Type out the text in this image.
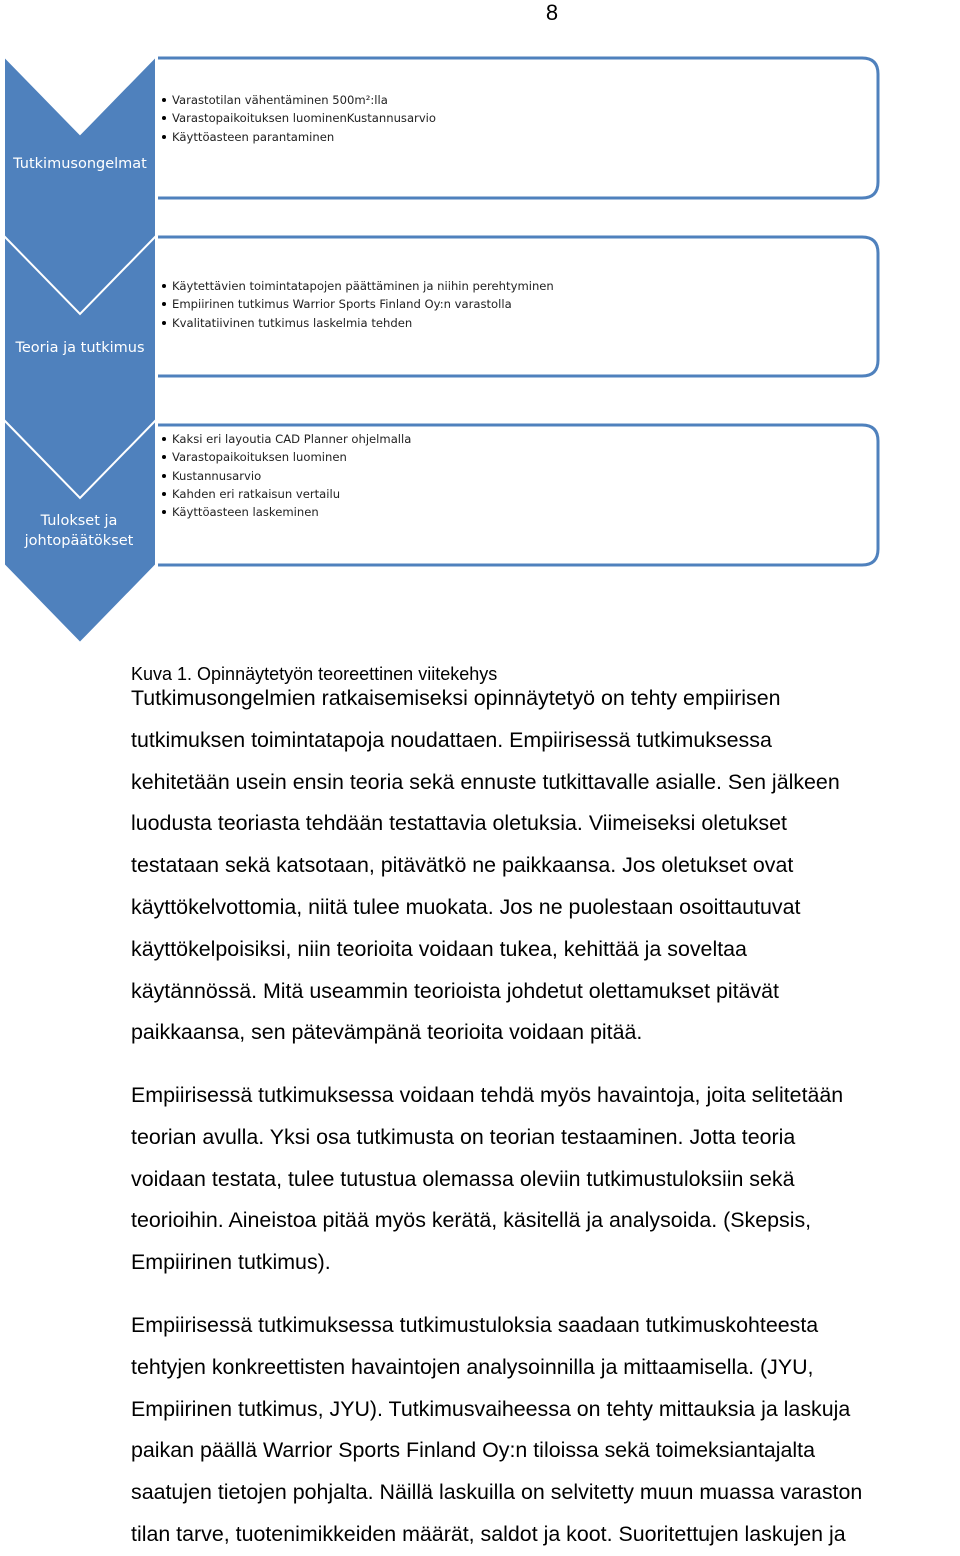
8
Tutkimusongelmat
Teoria ja tutkimus
Tulokset ja johtopäätökset
Varastotilan vähentäminen 500m²:lla
Varastopaikoituksen luominenKustannusarvio
Käyttöasteen parantaminen
Käytettävien toimintatapojen päättäminen ja niihin perehtyminen
Empiirinen tutkimus Warrior Sports Finland Oy:n varastolla
Kvalitatiivinen tutkimus laskelmia tehden
Kaksi eri layoutia CAD Planner ohjelmalla
Varastopaikoituksen luominen
Kustannusarvio
Kahden eri ratkaisun vertailu
Käyttöasteen laskeminen
Kuva 1. Opinnäytetyön teoreettinen viitekehys

Tutkimusongelmien ratkaisemiseksi opinnäytetyö on tehty empiirisen
tutkimuksen toimintatapoja noudattaen. Empiirisessä tutkimuksessa
kehitetään usein ensin teoria sekä ennuste tutkittavalle asialle. Sen jälkeen
luodusta teoriasta tehdään testattavia oletuksia. Viimeiseksi oletukset
testataan sekä katsotaan, pitävätkö ne paikkaansa. Jos oletukset ovat
käyttökelvottomia, niitä tulee muokata. Jos ne puolestaan osoittautuvat
käyttökelpoisiksi, niin teorioita voidaan tukea, kehittää ja soveltaa
käytännössä. Mitä useammin teorioista johdetut olettamukset pitävät
paikkaansa, sen pätevämpänä teorioita voidaan pitää.

Empiirisessä tutkimuksessa voidaan tehdä myös havaintoja, joita selitetään
teorian avulla. Yksi osa tutkimusta on teorian testaaminen. Jotta teoria
voidaan testata, tulee tutustua olemassa oleviin tutkimustuloksiin sekä
teorioihin. Aineistoa pitää myös kerätä, käsitellä ja analysoida. (Skepsis,
Empiirinen tutkimus).

Empiirisessä tutkimuksessa tutkimustuloksia saadaan tutkimuskohteesta
tehtyjen konkreettisten havaintojen analysoinnilla ja mittaamisella. (JYU,
Empiirinen tutkimus, JYU). Tutkimusvaiheessa on tehty mittauksia ja laskuja
paikan päällä Warrior Sports Finland Oy:n tiloissa sekä toimeksiantajalta
saatujen tietojen pohjalta. Näillä laskuilla on selvitetty muun muassa varaston
tilan tarve, tuotenimikkeiden määrät, saldot ja koot. Suoritettujen laskujen ja
